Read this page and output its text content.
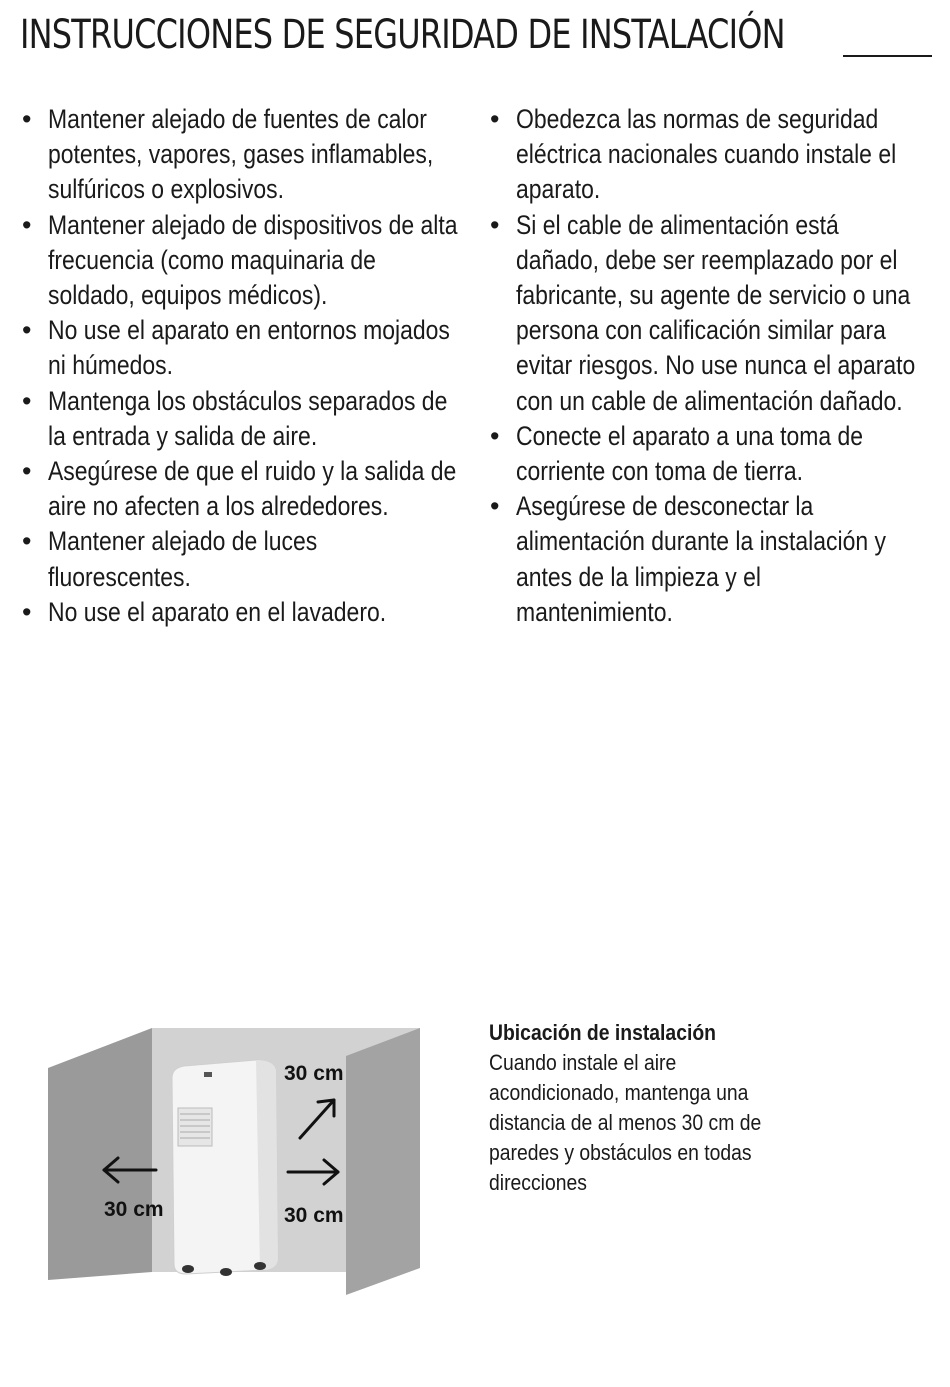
INSTRUCCIONES DE SEGURIDAD DE INSTALACIÓN
• Mantener alejado de fuentes de calor potentes, vapores, gases inflamables, sulfúricos o explosivos.
• Mantener alejado de dispositivos de alta frecuencia (como maquinaria de soldado, equipos médicos).
• No use el aparato en entornos mojados ni húmedos.
• Mantenga los obstáculos separados de la entrada y salida de aire.
• Asegúrese de que el ruido y la salida de aire no afecten a los alrededores.
• Mantener alejado de luces fluorescentes.
• No use el aparato en el lavadero.
• Obedezca las normas de seguridad eléctrica nacionales cuando instale el aparato.
• Si el cable de alimentación está dañado, debe ser reemplazado por el fabricante, su agente de servicio o una persona con calificación similar para evitar riesgos. No use nunca el aparato con un cable de alimentación dañado.
• Conecte el aparato a una toma de corriente con toma de tierra.
• Asegúrese de desconectar la alimentación durante la instalación y antes de la limpieza y el mantenimiento.
30 cm
30 cm	30 cm

Ubicación de instalación

Cuando instale el aire acondicionado, mantenga una distancia de al menos 30 cm de paredes y obstáculos en todas direcciones
